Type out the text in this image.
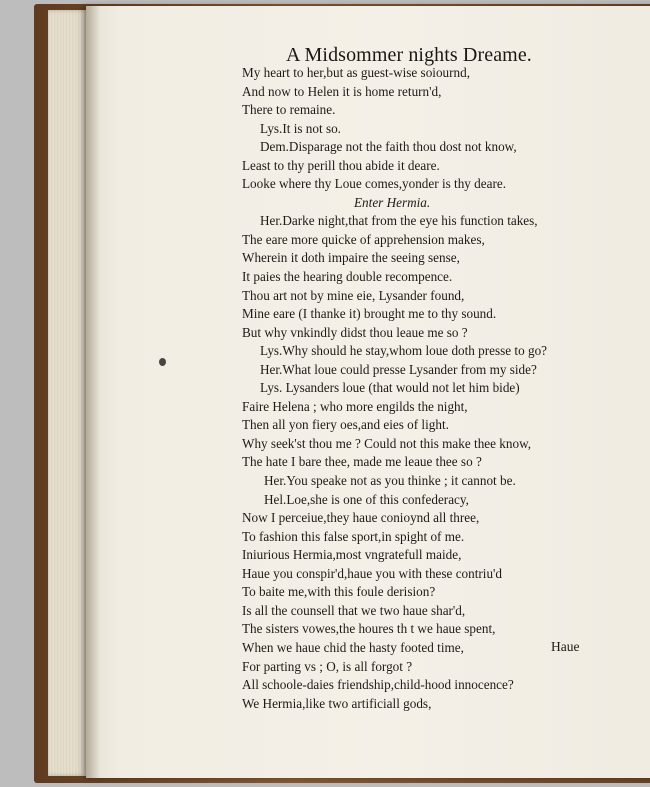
A Midsommer nights Dreame.
My heart to her,but as guest-wise soiournd,
And now to Helen it is home return'd,
There to remaine.
Lys.It is not so.
Dem.Disparage not the faith thou dost not know,
Least to thy perill thou abide it deare.
Looke where thy Loue comes,yonder is thy deare.
Enter Hermia.
Her.Darke night,that from the eye his function takes,
The eare more quicke of apprehension makes,
Wherein it doth impaire the seeing sense,
It paies the hearing double recompence.
Thou art not by mine eie, Lysander found,
Mine eare (I thanke it) brought me to thy sound.
But why vnkindly didst thou leaue me so ?
Lys.Why should he stay,whom loue doth presse to go?
Her.What loue could presse Lysander from my side?
Lys. Lysanders loue (that would not let him bide)
Faire Helena ; who more engilds the night,
Then all yon fiery oes,and eies of light.
Why seek'st thou me ? Could not this make thee know,
The hate I bare thee, made me leaue thee so ?
Her.You speake not as you thinke ; it cannot be.
Hel.Loe,she is one of this confederacy,
Now I perceiue,they haue conioynd all three,
To fashion this false sport,in spight of me.
Iniurious Hermia,most vngratefull maide,
Haue you conspir'd,haue you with these contriu'd
To baite me,with this foule derision?
Is all the counsell that we two haue shar'd,
The sisters vowes,the houres th t we haue spent,
When we haue chid the hasty footed time,
For parting vs ; O, is all forgot ?
All schoole-daies friendship,child-hood innocence?
We Hermia,like two artificiall gods,
Haue
